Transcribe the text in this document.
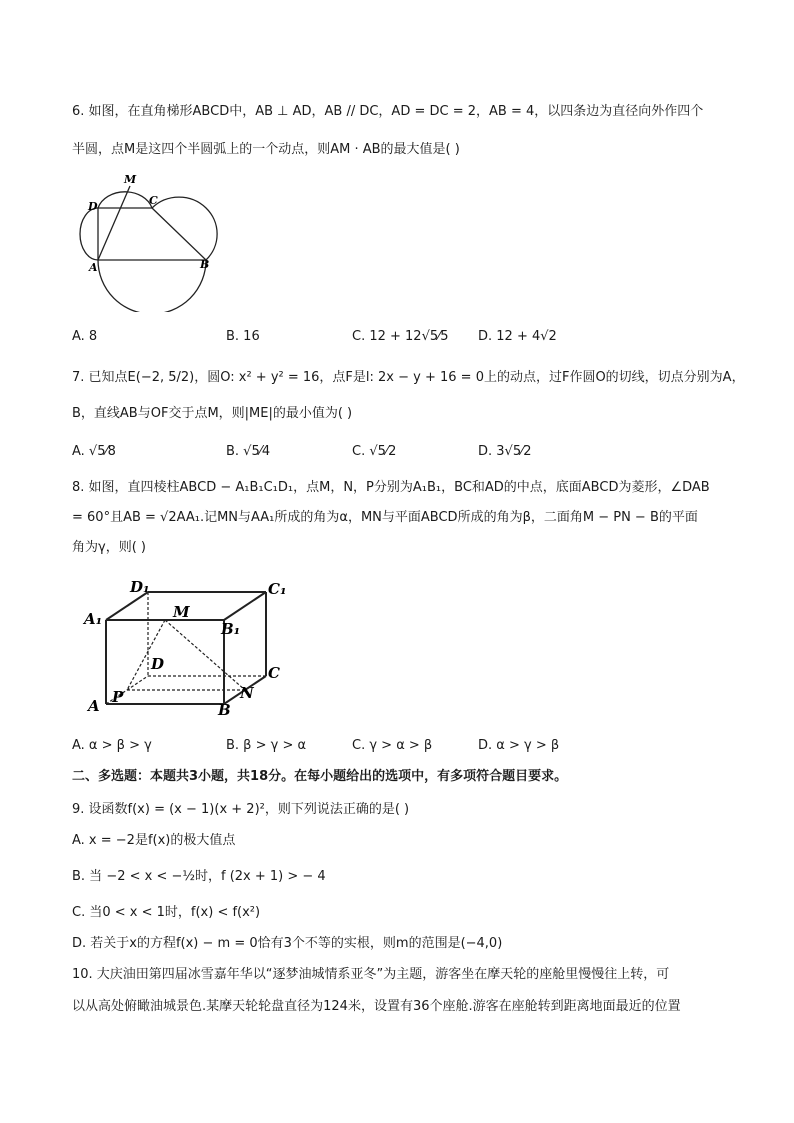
6. 如图，在直角梯形ABCD中，AB ⊥ AD，AB // DC，AD = DC = 2，AB = 4，以四条边为直径向外作四个
半圆，点M是这四个半圆弧上的一个动点，则AM · AB的最大值是( )
M
D	C
A	B
A. 8	B. 16	C. 12 + 12√5⁄5 D. 12 + 4√2
7. 已知点E(−2, 5/2)，圆O: x² + y² = 16，点F是l: 2x − y + 16 = 0上的动点，过F作圆O的切线，切点分别为A，
B，直线AB与OF交于点M，则|ME|的最小值为( )
A. √5⁄8	B. √5⁄4	C. √5⁄2	D. 3√5⁄2
8. 如图，直四棱柱ABCD − A₁B₁C₁D₁，点M，N，P分别为A₁B₁，BC和AD的中点，底面ABCD为菱形，∠DAB
= 60°且AB = √2AA₁.记MN与AA₁所成的角为α，MN与平面ABCD所成的角为β，二面角M − PN − B的平面
角为γ，则( )
D₁	C₁
A₁
B₁
M
D	C
A P	N
B
A. α > β > γ	B. β > γ > α	C. γ > α > β	D. α > γ > β
二、多选题：本题共3小题，共18分。在每小题给出的选项中，有多项符合题目要求。
9. 设函数f(x) = (x − 1)(x + 2)²，则下列说法正确的是( )
A. x = −2是f(x)的极大值点
B. 当 −2 < x < −½时，f (2x + 1) > − 4
C. 当0 < x < 1时，f(x) < f(x²)
D. 若关于x的方程f(x) − m = 0恰有3个不等的实根，则m的范围是(−4,0)
10. 大庆油田第四届冰雪嘉年华以“逐梦油城情系亚冬”为主题，游客坐在摩天轮的座舱里慢慢往上转，可
以从高处俯瞰油城景色.某摩天轮轮盘直径为124米，设置有36个座舱.游客在座舱转到距离地面最近的位置
